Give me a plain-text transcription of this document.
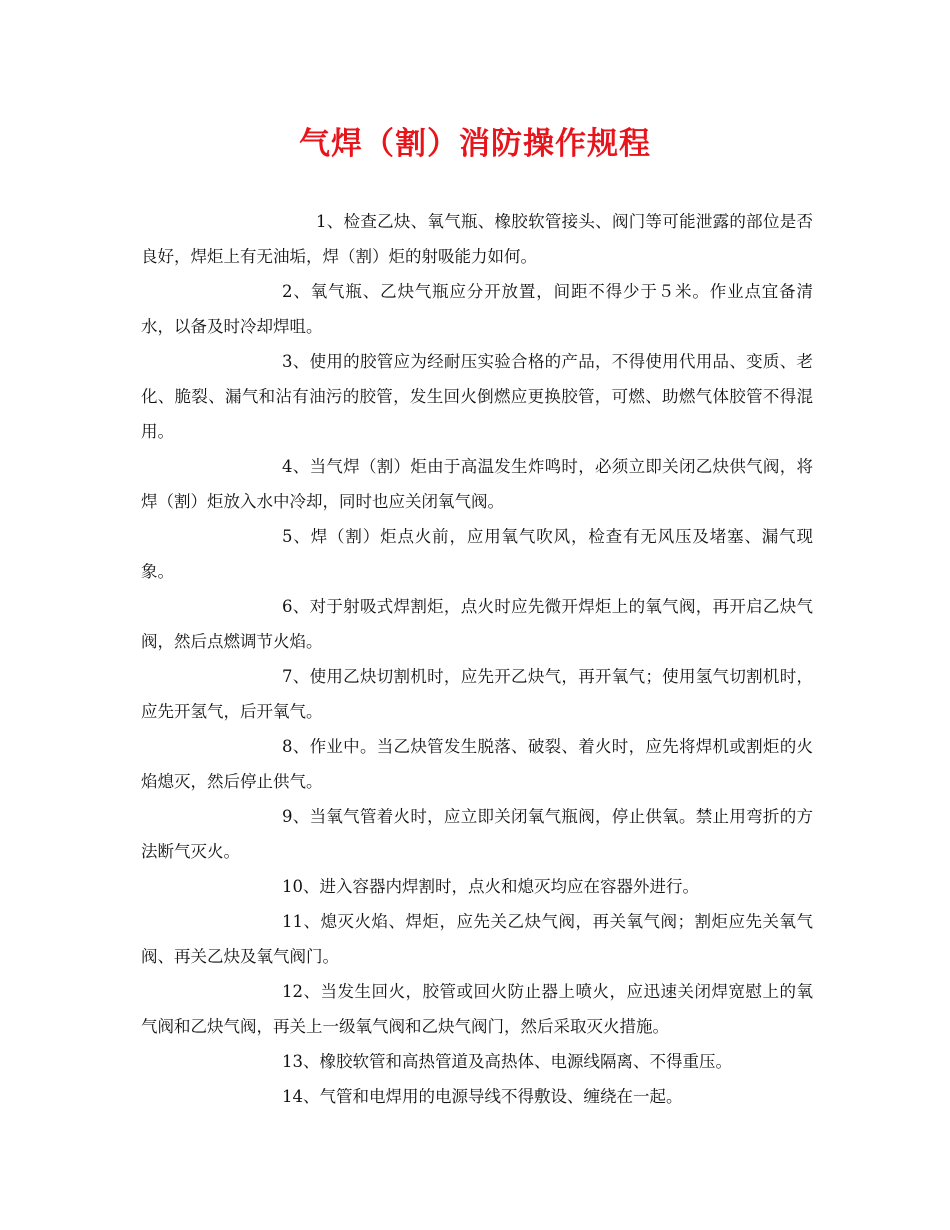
气焊（割）消防操作规程

1、检查乙炔、氧气瓶、橡胶软管接头、阀门等可能泄露的部位是否良好，焊炬上有无油垢，焊（割）炬的射吸能力如何。

2、氧气瓶、乙炔气瓶应分开放置，间距不得少于５米。作业点宜备清水，以备及时冷却焊咀。

3、使用的胶管应为经耐压实验合格的产品，不得使用代用品、变质、老化、脆裂、漏气和沾有油污的胶管，发生回火倒燃应更换胶管，可燃、助燃气体胶管不得混用。

4、当气焊（割）炬由于高温发生炸鸣时，必须立即关闭乙炔供气阀，将焊（割）炬放入水中冷却，同时也应关闭氧气阀。

5、焊（割）炬点火前，应用氧气吹风，检查有无风压及堵塞、漏气现象。

6、对于射吸式焊割炬，点火时应先微开焊炬上的氧气阀，再开启乙炔气阀，然后点燃调节火焰。

7、使用乙炔切割机时，应先开乙炔气，再开氧气；使用氢气切割机时，应先开氢气，后开氧气。

8、作业中。当乙炔管发生脱落、破裂、着火时，应先将焊机或割炬的火焰熄灭，然后停止供气。

9、当氧气管着火时，应立即关闭氧气瓶阀，停止供氧。禁止用弯折的方法断气灭火。

10、进入容器内焊割时，点火和熄灭均应在容器外进行。

11、熄灭火焰、焊炬，应先关乙炔气阀，再关氧气阀；割炬应先关氧气阀、再关乙炔及氧气阀门。

12、当发生回火，胶管或回火防止器上喷火，应迅速关闭焊宽慰上的氧气阀和乙炔气阀，再关上一级氧气阀和乙炔气阀门，然后采取灭火措施。

13、橡胶软管和高热管道及高热体、电源线隔离、不得重压。

14、气管和电焊用的电源导线不得敷设、缠绕在一起。
